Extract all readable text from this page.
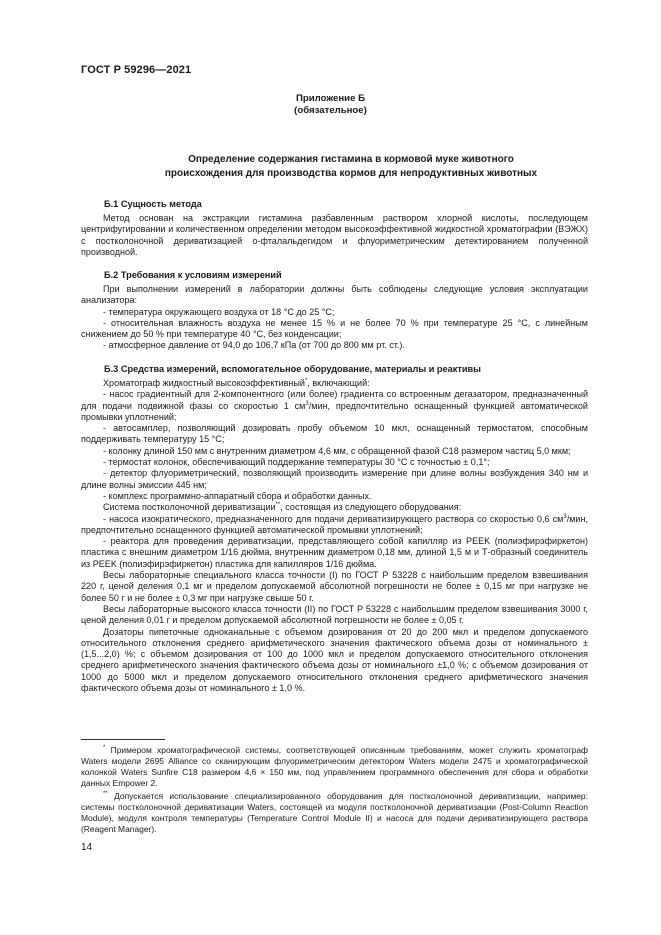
ГОСТ Р 59296—2021
Приложение Б
(обязательное)
Определение содержания гистамина в кормовой муке животного
происхождения для производства кормов для непродуктивных животных
Б.1 Сущность метода

Метод основан на экстракции гистамина разбавленным раствором хлорной кислоты, последующем центрифугировании и количественном определении методом высокоэффективной жидкостной хроматографии (ВЭЖХ) с постколоночной дериватизацией о-фталальдегидом и флуориметрическим детектированием полученной производной.

Б.2 Требования к условиям измерений

При выполнении измерений в лаборатории должны быть соблюдены следующие условия эксплуатации анализатора:

- температура окружающего воздуха от 18 °С до 25 °С;

- относительная влажность воздуха не менее 15 % и не более 70 % при температуре 25 °С, с линейным снижением до 50 % при температуре 40 °С, без конденсации;

- атмосферное давление от 94,0 до 106,7 кПа (от 700 до 800 мм рт. ст.).

Б.3 Средства измерений, вспомогательное оборудование, материалы и реактивы

Хроматограф жидкостный высокоэффективный*, включающий:

- насос градиентный для 2-компонентного (или более) градиента со встроенным дегазатором, предназначенный для подачи подвижной фазы со скоростью 1 $см^3$/мин, предпочтительно оснащенный функцией автоматической промывки уплотнений;

- автосамплер, позволяющий дозировать пробу объемом 10 мкл, оснащенный термостатом, способным поддерживать температуру 15 °С;

- колонку длиной 150 мм с внутренним диаметром 4,6 мм, с обращенной фазой С18 размером частиц 5,0 мкм;

- термостат колонок, обеспечивающий поддержание температуры 30 °С с точностью ± 0,1°;

- детектор флуориметрический, позволяющий производить измерение при длине волны возбуждения 340 нм и длине волны эмиссии 445 нм;

- комплекс программно-аппаратный сбора и обработки данных.

Система постколоночной дериватизации**, состоящая из следующего оборудования:

- насоса изократического, предназначенного для подачи дериватизирующего раствора со скоростью 0,6 $см^3$/мин, предпочтительно оснащенного функцией автоматической промывки уплотнений;

- реактора для проведения дериватизации, представляющего собой капилляр из PEEK (полиэфирэфиркетон) пластика с внешним диаметром 1/16 дюйма, внутренним диаметром 0,18 мм, длиной 1,5 м и Т-образный соединитель из PEEK (полиэфирэфиркетон) пластика для капилляров 1/16 дюйма.

Весы лабораторные специального класса точности (I) по ГОСТ Р 53228 с наибольшим пределом взвешивания 220 г, ценой деления 0,1 мг и пределом допускаемой абсолютной погрешности не более ± 0,15 мг при нагрузке не более 50 г и не более ± 0,3 мг при нагрузке свыше 50 г.

Весы лабораторные высокого класса точности (II) по ГОСТ Р 53228 с наибольшим пределом взвешивания 3000 г, ценой деления 0,01 г и пределом допускаемой абсолютной погрешности не более ± 0,05 г.

Дозаторы пипеточные одноканальные с объемом дозирования от 20 до 200 мкл и пределом допускаемого относительного отклонения среднего арифметического значения фактического объема дозы от номинального ± (1,5...2,0) %; с объемом дозирования от 100 до 1000 мкл и пределом допускаемого относительного отклонения среднего арифметического значения фактического объема дозы от номинального ±1,0 %; с объемом дозирования от 1000 до 5000 мкл и пределом допускаемого относительного отклонения среднего арифметического значения фактического объема дозы от номинального ± 1,0 %.

* Примером хроматографической системы, соответствующей описанным требованиям, может служить хроматограф Waters модели 2695 Alliance со сканирующим флуориметрическим детектором Waters модели 2475 и хроматографической колонкой Waters Sunfire C18 размером 4,6 × 150 мм, под управлением программного обеспечения для сбора и обработки данных Empower 2.

** Допускается использование специализированного оборудования для постколоночной дериватизации, например: системы постколоночной дериватизации Waters, состоящей из модуля постколоночной дериватизации (Post-Column Reaction Module), модуля контроля температуры (Temperature Control Module II) и насоса для подачи дериватизирующего раствора (Reagent Manager).

14
